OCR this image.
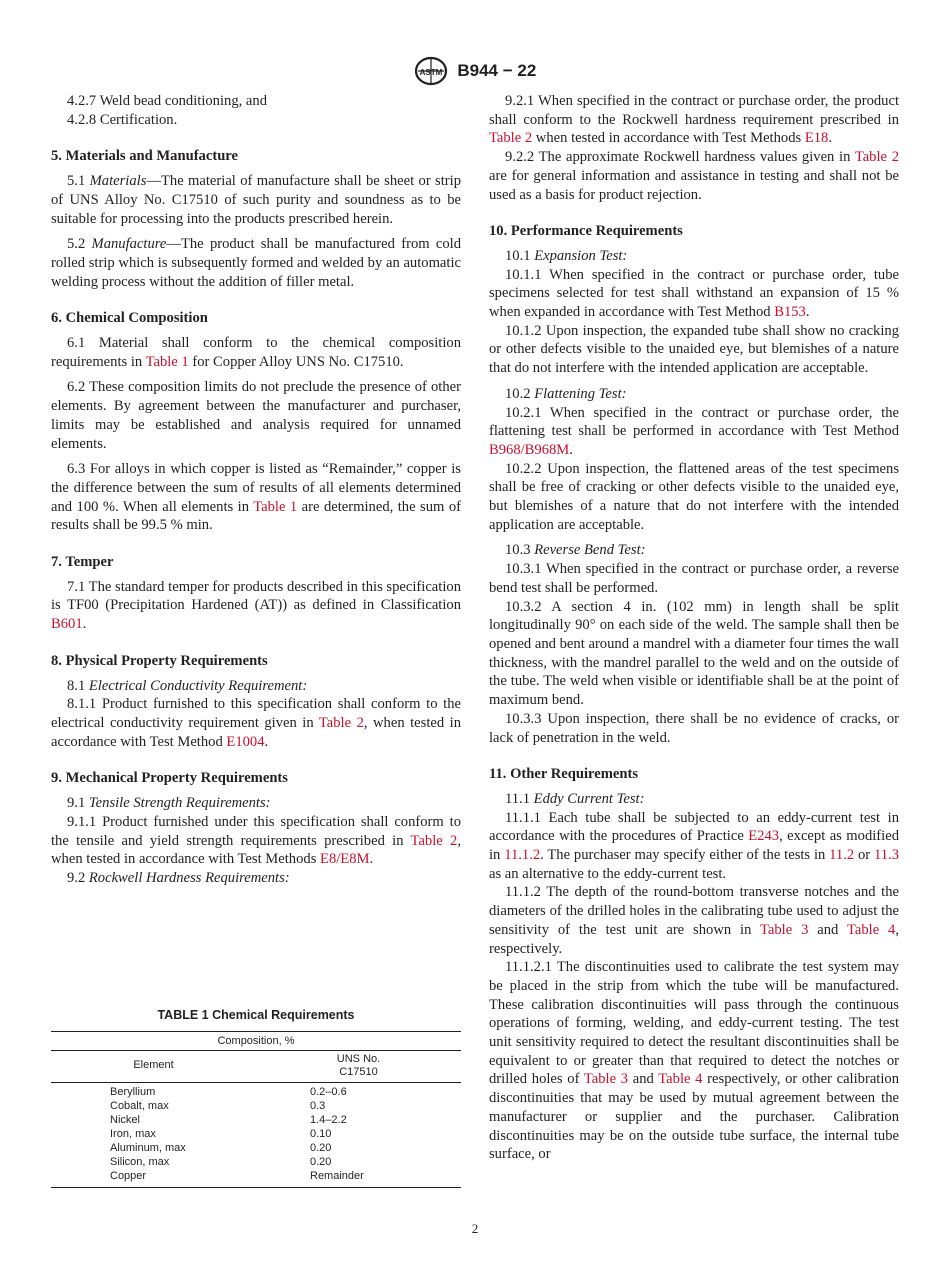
ASTM B944 − 22

4.2.7 Weld bead conditioning, and

4.2.8 Certification.

5. Materials and Manufacture

5.1 Materials—The material of manufacture shall be sheet or strip of UNS Alloy No. C17510 of such purity and soundness as to be suitable for processing into the products prescribed herein.

5.2 Manufacture—The product shall be manufactured from cold rolled strip which is subsequently formed and welded by an automatic welding process without the addition of filler metal.

6. Chemical Composition

6.1 Material shall conform to the chemical composition requirements in Table 1 for Copper Alloy UNS No. C17510.

6.2 These composition limits do not preclude the presence of other elements. By agreement between the manufacturer and purchaser, limits may be established and analysis required for unnamed elements.

6.3 For alloys in which copper is listed as “Remainder,” copper is the difference between the sum of results of all elements determined and 100 %. When all elements in Table 1 are determined, the sum of results shall be 99.5 % min.

7. Temper

7.1 The standard temper for products described in this specification is TF00 (Precipitation Hardened (AT)) as defined in Classification B601.

8. Physical Property Requirements

8.1 Electrical Conductivity Requirement:

8.1.1 Product furnished to this specification shall conform to the electrical conductivity requirement given in Table 2, when tested in accordance with Test Method E1004.

9. Mechanical Property Requirements

9.1 Tensile Strength Requirements:

9.1.1 Product furnished under this specification shall conform to the tensile and yield strength requirements prescribed in Table 2, when tested in accordance with Test Methods E8/E8M.

9.2 Rockwell Hardness Requirements:

TABLE 1 Chemical Requirements
Composition, %	
Element	UNS No.
C17510
Beryllium	0.2–0.6
Cobalt, max	0.3
Nickel	1.4–2.2
Iron, max	0.10
Aluminum, max	0.20
Silicon, max	0.20
Copper	Remainder

9.2.1 When specified in the contract or purchase order, the product shall conform to the Rockwell hardness requirement prescribed in Table 2 when tested in accordance with Test Methods E18.

9.2.2 The approximate Rockwell hardness values given in Table 2 are for general information and assistance in testing and shall not be used as a basis for product rejection.

10. Performance Requirements

10.1 Expansion Test:

10.1.1 When specified in the contract or purchase order, tube specimens selected for test shall withstand an expansion of 15 % when expanded in accordance with Test Method B153.

10.1.2 Upon inspection, the expanded tube shall show no cracking or other defects visible to the unaided eye, but blemishes of a nature that do not interfere with the intended application are acceptable.

10.2 Flattening Test:

10.2.1 When specified in the contract or purchase order, the flattening test shall be performed in accordance with Test Method B968/B968M.

10.2.2 Upon inspection, the flattened areas of the test specimens shall be free of cracking or other defects visible to the unaided eye, but blemishes of a nature that do not interfere with the intended application are acceptable.

10.3 Reverse Bend Test:

10.3.1 When specified in the contract or purchase order, a reverse bend test shall be performed.

10.3.2 A section 4 in. (102 mm) in length shall be split longitudinally 90° on each side of the weld. The sample shall then be opened and bent around a mandrel with a diameter four times the wall thickness, with the mandrel parallel to the weld and on the outside of the tube. The weld when visible or identifiable shall be at the point of maximum bend.

10.3.3 Upon inspection, there shall be no evidence of cracks, or lack of penetration in the weld.

11. Other Requirements

11.1 Eddy Current Test:

11.1.1 Each tube shall be subjected to an eddy-current test in accordance with the procedures of Practice E243, except as modified in 11.1.2. The purchaser may specify either of the tests in 11.2 or 11.3 as an alternative to the eddy-current test.

11.1.2 The depth of the round-bottom transverse notches and the diameters of the drilled holes in the calibrating tube used to adjust the sensitivity of the test unit are shown in Table 3 and Table 4, respectively.

11.1.2.1 The discontinuities used to calibrate the test system may be placed in the strip from which the tube will be manufactured. These calibration discontinuities will pass through the continuous operations of forming, welding, and eddy-current testing. The test unit sensitivity required to detect the resultant discontinuities shall be equivalent to or greater than that required to detect the notches or drilled holes of Table 3 and Table 4 respectively, or other calibration discontinuities that may be used by mutual agreement between the manufacturer or supplier and the purchaser. Calibration discontinuities may be on the outside tube surface, the internal tube surface, or

2
